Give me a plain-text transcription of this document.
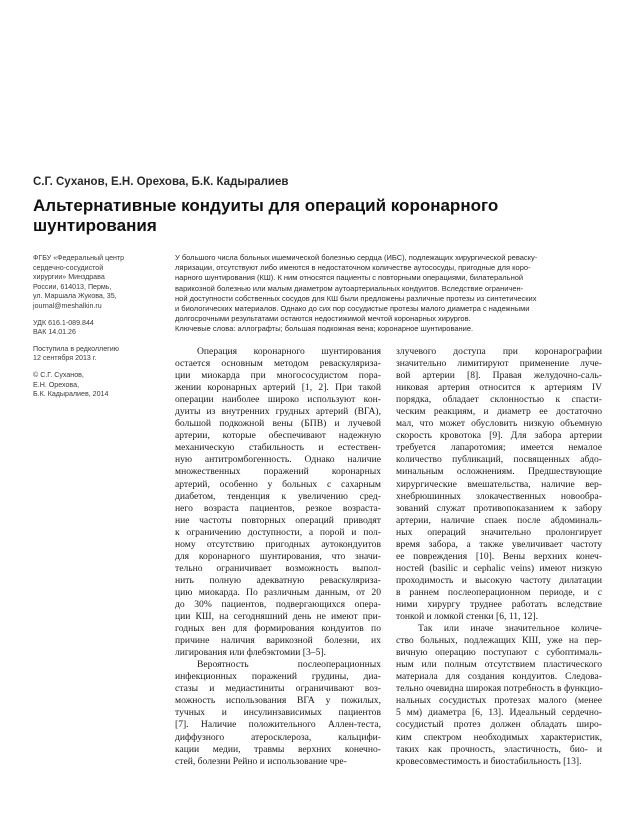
С.Г. Суханов, Е.Н. Орехова, Б.К. Кадыралиев
Альтернативные кондуиты для операций коронарного
шунтирования
ФГБУ «Федеральный центр
сердечно-сосудистой
хирургии» Минздрава
России, 614013, Пермь,
ул. Маршала Жукова, 35,
journal@meshalkin.ru
УДК 616.1-089.844
ВАК 14.01.26
Поступила в редколлегию
12 сентября 2013 г.
© С.Г. Суханов,
Е.Н. Орехова,
Б.К. Кадыралиев, 2014
У большого числа больных ишемической болезнью сердца (ИБС), подлежащих хирургической реваску-
ляризации, отсутствуют либо имеются в недостаточном количестве аутососуды, пригодные для коро-
нарного шунтирования (КШ). К ним относятся пациенты с повторными операциями, билатеральной
варикозной болезнью или малым диаметром аутоартериальных кондуитов. Вследствие ограничен-
ной доступности собственных сосудов для КШ были предложены различные протезы из синтетических
и биологических материалов. Однако до сих пор сосудистые протезы малого диаметра с надежными
долгосрочными результатами остаются недостижимой мечтой коронарных хирургов.
Ключевые слова: аллографты; большая подкожная вена; коронарное шунтирование.
Операция коронарного шунтирования
остается основным методом реваскуляриза-
ции миокарда при многососудистом пора-
жении коронарных артерий [1, 2]. При такой
операции наиболее широко используют кон-
дуиты из внутренних грудных артерий (ВГА),
большой подкожной вены (БПВ) и лучевой
артерии, которые обеспечивают надежную
механическую стабильность и естествен-
ную антитромбогенность. Однако наличие
множественных поражений коронарных
артерий, особенно у больных с сахарным
диабетом, тенденция к увеличению сред-
него возраста пациентов, резкое возраста-
ние частоты повторных операций приводят
к ограничению доступности, а порой и пол-
ному отсутствию пригодных аутокондуитов
для коронарного шунтирования, что значи-
тельно ограничивает возможность выпол-
нить полную адекватную реваскуляриза-
цию миокарда. По различным данным, от 20
до 30% пациентов, подвергающихся опера-
ции КШ, на сегодняшний день не имеют при-
годных вен для формирования кондуитов по
причине наличия варикозной болезни, их
лигирования или флебэктомии [3–5].
Вероятность послеоперационных
инфекционных поражений грудины, диа-
стазы и медиастиниты ограничивают воз-
можность использования ВГА у пожилых,
тучных и инсулинзависимых пациентов
[7]. Наличие положительного Аллен-теста,
диффузного атеросклероза, кальцифи-
кации медии, травмы верхних конечно-
стей, болезни Рейно и использование чре-
злучевого доступа при коронарографии
значительно лимитируют применение луче-
вой артерии [8]. Правая желудочно-саль-
никовая артерия относится к артериям IV
порядка, обладает склонностью к спасти-
ческим реакциям, и диаметр ее достаточно
мал, что может обусловить низкую объемную
скорость кровотока [9]. Для забора артерии
требуется лапаротомия; имеется немалое
количество публикаций, посвященных абдо-
минальным осложнениям. Предшествующие
хирургические вмешательства, наличие вер-
хнебрюшинных злокачественных новообра-
зований служат противопоказанием к забору
артерии, наличие спаек после абдоминаль-
ных операций значительно пролонгирует
время забора, а также увеличивает частоту
ее повреждения [10]. Вены верхних конеч-
ностей (basilic и cephalic veins) имеют низкую
проходимость и высокую частоту дилатации
в раннем послеоперационном периоде, и с
ними хирургу труднее работать вследствие
тонкой и ломкой стенки [6, 11, 12].
Так или иначе значительное количе-
ство больных, подлежащих КШ, уже на пер-
вичную операцию поступают с субоптималь-
ным или полным отсутствием пластического
материала для создания кондуитов. Следова-
тельно очевидна широкая потребность в функцио-
нальных сосудистых протезах малого (менее
5 мм) диаметра [6, 13]. Идеальный сердечно-
сосудистый протез должен обладать широ-
ким спектром необходимых характеристик,
таких как прочность, эластичность, био- и
кровесовместимость и биостабильность [13].
